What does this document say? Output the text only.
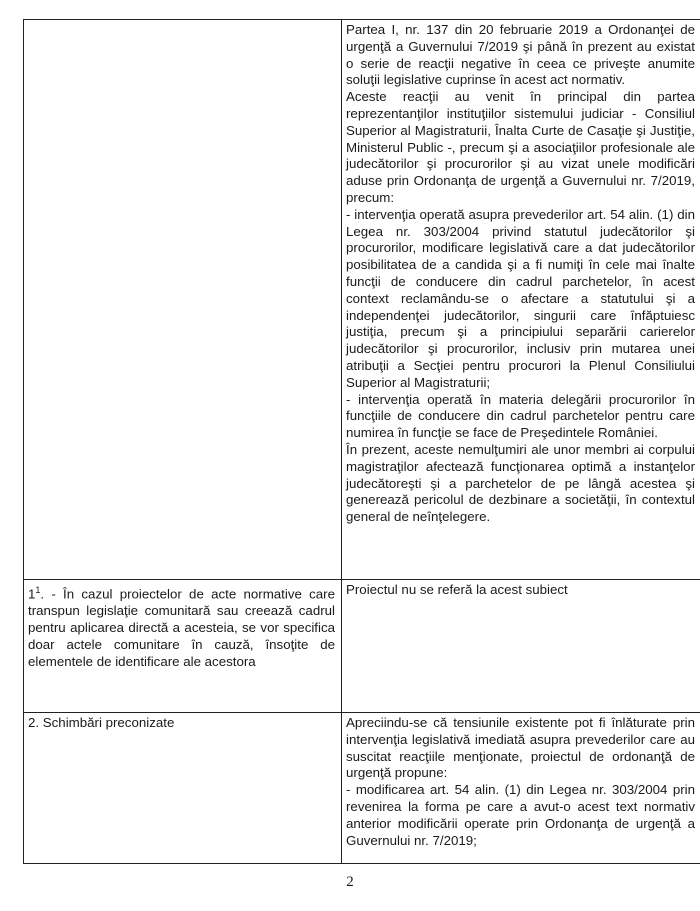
	Partea I, nr. 137 din 20 februarie 2019 a Ordonanţei de urgenţă a Guvernului 7/2019 şi până în prezent au existat o serie de reacţii negative în ceea ce priveşte anumite soluţii legislative cuprinse în acest act normativ.

Aceste reacţii au venit în principal din partea reprezentanţilor instituţiilor sistemului judiciar - Consiliul Superior al Magistraturii, Înalta Curte de Casaţie şi Justiţie, Ministerul Public -, precum şi a asociaţiilor profesionale ale judecătorilor şi procurorilor şi au vizat unele modificări aduse prin Ordonanţa de urgenţă a Guvernului nr. 7/2019, precum:

- intervenţia operată asupra prevederilor art. 54 alin. (1) din Legea nr. 303/2004 privind statutul judecătorilor şi procurorilor, modificare legislativă care a dat judecătorilor posibilitatea de a candida şi a fi numiţi în cele mai înalte funcţii de conducere din cadrul parchetelor, în acest context reclamându-se o afectare a statutului şi a independenţei judecătorilor, singurii care înfăptuiesc justiţia, precum şi a principiului separării carierelor judecătorilor şi procurorilor, inclusiv prin mutarea unei atribuţii a Secţiei pentru procurori la Plenul Consiliului Superior al Magistraturii;

- intervenţia operată în materia delegării procurorilor în funcţiile de conducere din cadrul parchetelor pentru care numirea în funcţie se face de Preşedintele României.

În prezent, aceste nemulţumiri ale unor membri ai corpului magistraţilor afectează funcţionarea optimă a instanţelor judecătoreşti şi a parchetelor de pe lângă acestea şi generează pericolul de dezbinare a societăţii, în contextul general de neînţelegere.

$1^1$. - În cazul proiectelor de acte normative care transpun legislaţie comunitară sau creează cadrul pentru aplicarea directă a acesteia, se vor specifica doar actele comunitare în cauză, însoţite de elementele de identificare ale acestora	Proiectul nu se referă la acest subiect
2. Schimbări preconizate	Apreciindu-se că tensiunile existente pot fi înlăturate prin intervenţia legislativă imediată asupra prevederilor care au suscitat reacţiile menţionate, proiectul de ordonanţă de urgenţă propune:

- modificarea art. 54 alin. (1) din Legea nr. 303/2004 prin revenirea la forma pe care a avut-o acest text normativ anterior modificării operate prin Ordonanţa de urgenţă a Guvernului nr. 7/2019;

2
